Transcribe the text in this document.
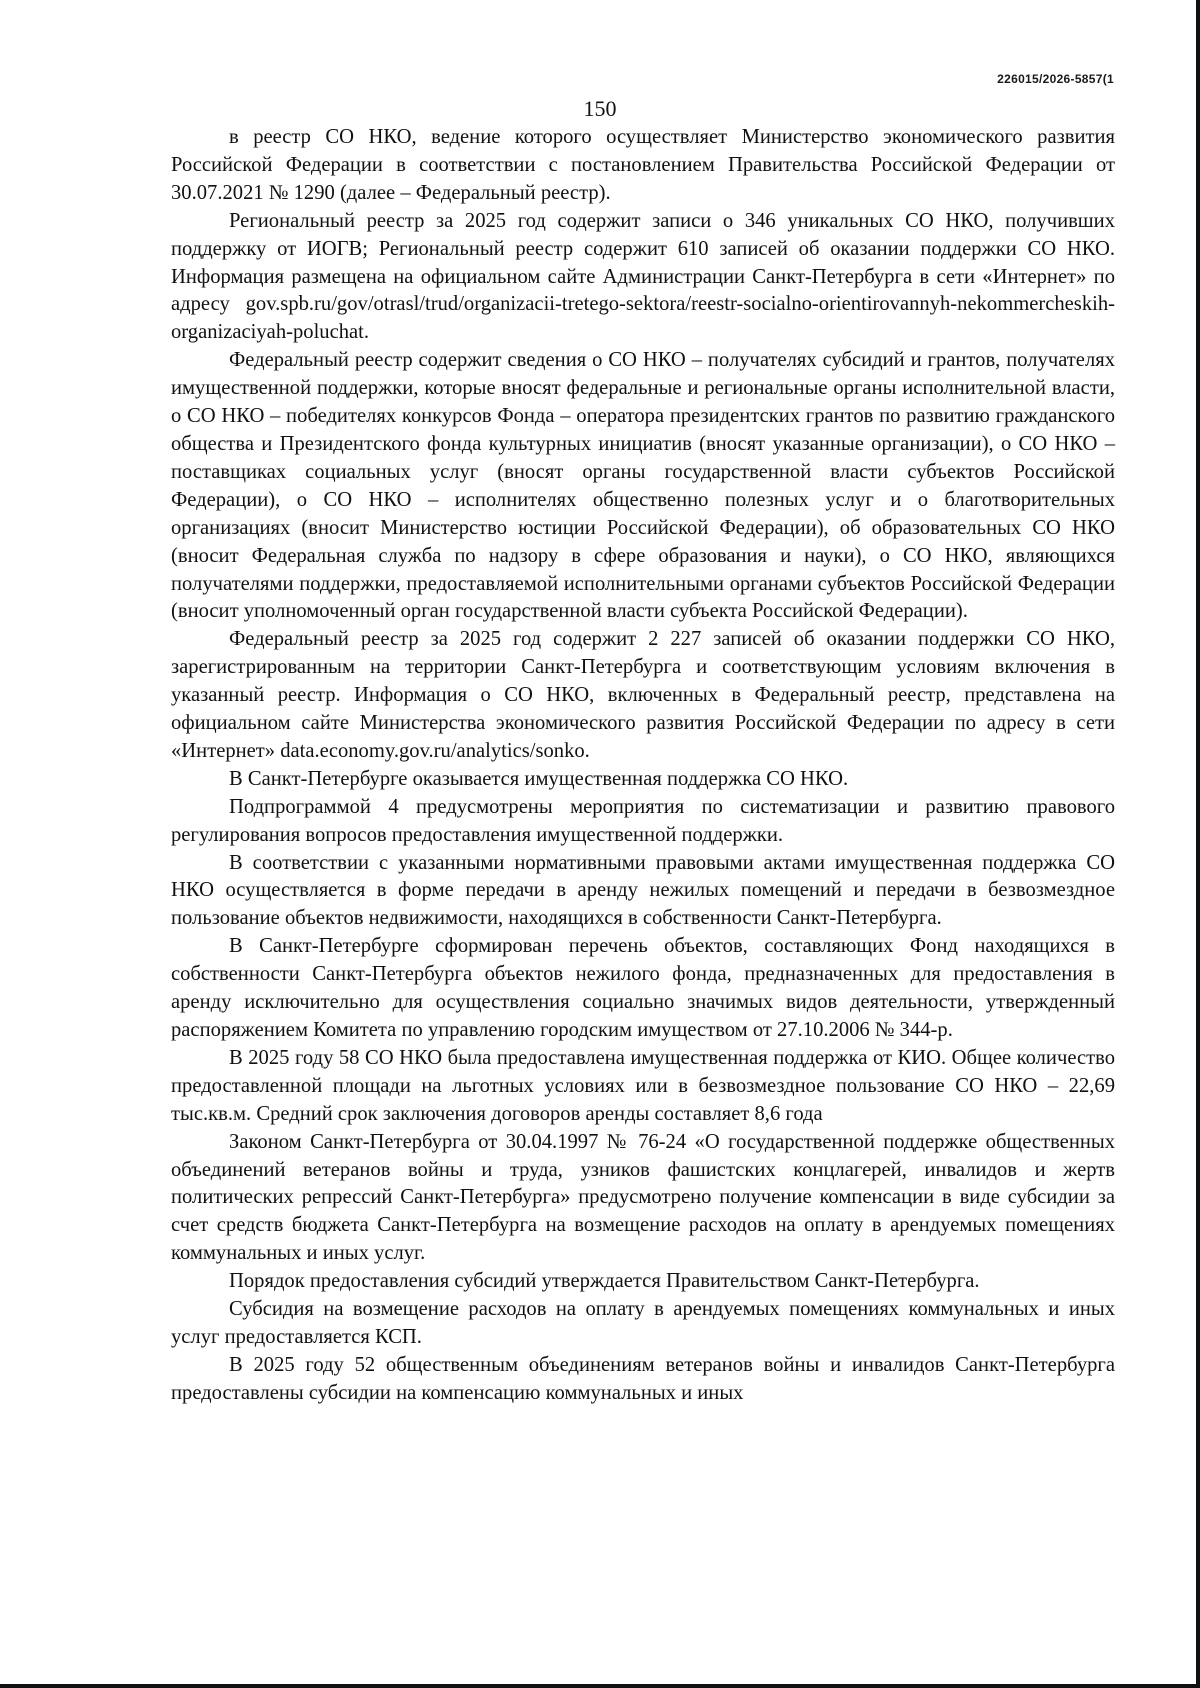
226015/2026-5857(1
150

в реестр СО НКО, ведение которого осуществляет Министерство экономического развития Российской Федерации в соответствии с постановлением Правительства Российской Федерации от 30.07.2021 № 1290 (далее – Федеральный реестр).

Региональный реестр за 2025 год содержит записи о 346 уникальных СО НКО, получивших поддержку от ИОГВ; Региональный реестр содержит 610 записей об оказании поддержки СО НКО. Информация размещена на официальном сайте Администрации Санкт-Петербурга в сети «Интернет» по адресу gov.spb.ru/gov/otrasl/trud/organizacii-tretego-sektora/reestr-socialno-orientirovannyh-nekommercheskih-organizaciyah-poluchat.

Федеральный реестр содержит сведения о СО НКО – получателях субсидий и грантов, получателях имущественной поддержки, которые вносят федеральные и региональные органы исполнительной власти, о СО НКО – победителях конкурсов Фонда – оператора президентских грантов по развитию гражданского общества и Президентского фонда культурных инициатив (вносят указанные организации), о СО НКО – поставщиках социальных услуг (вносят органы государственной власти субъектов Российской Федерации), о СО НКО – исполнителях общественно полезных услуг и о благотворительных организациях (вносит Министерство юстиции Российской Федерации), об образовательных СО НКО (вносит Федеральная служба по надзору в сфере образования и науки), о СО НКО, являющихся получателями поддержки, предоставляемой исполнительными органами субъектов Российской Федерации (вносит уполномоченный орган государственной власти субъекта Российской Федерации).

Федеральный реестр за 2025 год содержит 2 227 записей об оказании поддержки СО НКО, зарегистрированным на территории Санкт-Петербурга и соответствующим условиям включения в указанный реестр. Информация о СО НКО, включенных в Федеральный реестр, представлена на официальном сайте Министерства экономического развития Российской Федерации по адресу в сети «Интернет» data.economy.gov.ru/analytics/sonko.

В Санкт-Петербурге оказывается имущественная поддержка СО НКО.

Подпрограммой 4 предусмотрены мероприятия по систематизации и развитию правового регулирования вопросов предоставления имущественной поддержки.

В соответствии с указанными нормативными правовыми актами имущественная поддержка СО НКО осуществляется в форме передачи в аренду нежилых помещений и передачи в безвозмездное пользование объектов недвижимости, находящихся в собственности Санкт-Петербурга.

В Санкт-Петербурге сформирован перечень объектов, составляющих Фонд находящихся в собственности Санкт-Петербурга объектов нежилого фонда, предназначенных для предоставления в аренду исключительно для осуществления социально значимых видов деятельности, утвержденный распоряжением Комитета по управлению городским имуществом от 27.10.2006 № 344-р.

В 2025 году 58 СО НКО была предоставлена имущественная поддержка от КИО. Общее количество предоставленной площади на льготных условиях или в безвозмездное пользование СО НКО – 22,69 тыс.кв.м. Средний срок заключения договоров аренды составляет 8,6 года

Законом Санкт-Петербурга от 30.04.1997 № 76-24 «О государственной поддержке общественных объединений ветеранов войны и труда, узников фашистских концлагерей, инвалидов и жертв политических репрессий Санкт-Петербурга» предусмотрено получение компенсации в виде субсидии за счет средств бюджета Санкт-Петербурга на возмещение расходов на оплату в арендуемых помещениях коммунальных и иных услуг.

Порядок предоставления субсидий утверждается Правительством Санкт-Петербурга.

Субсидия на возмещение расходов на оплату в арендуемых помещениях коммунальных и иных услуг предоставляется КСП.

В 2025 году 52 общественным объединениям ветеранов войны и инвалидов Санкт-Петербурга предоставлены субсидии на компенсацию коммунальных и иных
